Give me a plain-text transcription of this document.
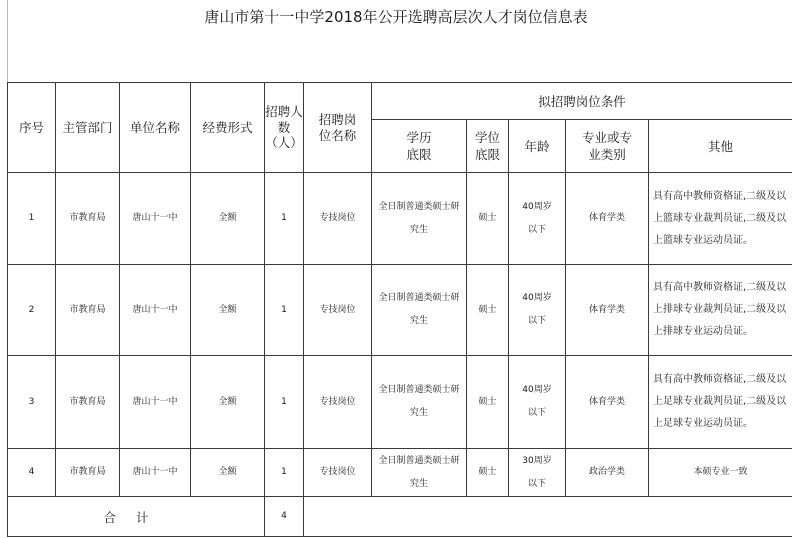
唐山市第十一中学2018年公开选聘高层次人才岗位信息表
序号	主管部门	单位名称	经费形式	招聘人数（人）	招聘岗位名称	拟招聘岗位条件					
						学历底限	学位底限	年龄	专业或专业类别	其他	
1	市教育局	唐山十一中	全额	1	专技岗位	全日制普通类硕士研究生	硕士	40周岁以下	体育学类	具有高中教师资格证,二级及以上篮球专业裁判员证,二级及以上篮球专业运动员证。	
2	市教育局	唐山十一中	全额	1	专技岗位	全日制普通类硕士研究生	硕士	40周岁以下	体育学类	具有高中教师资格证,二级及以上排球专业裁判员证,二级及以上排球专业运动员证。	
3	市教育局	唐山十一中	全额	1	专技岗位	全日制普通类硕士研究生	硕士	40周岁以下	体育学类	具有高中教师资格证,二级及以上足球专业裁判员证,二级及以上足球专业运动员证。	
4	市教育局	唐山十一中	全额	1	专技岗位	全日制普通类硕士研究生	硕士	30周岁以下	政治学类	本硕专业一致	
合计				4							
